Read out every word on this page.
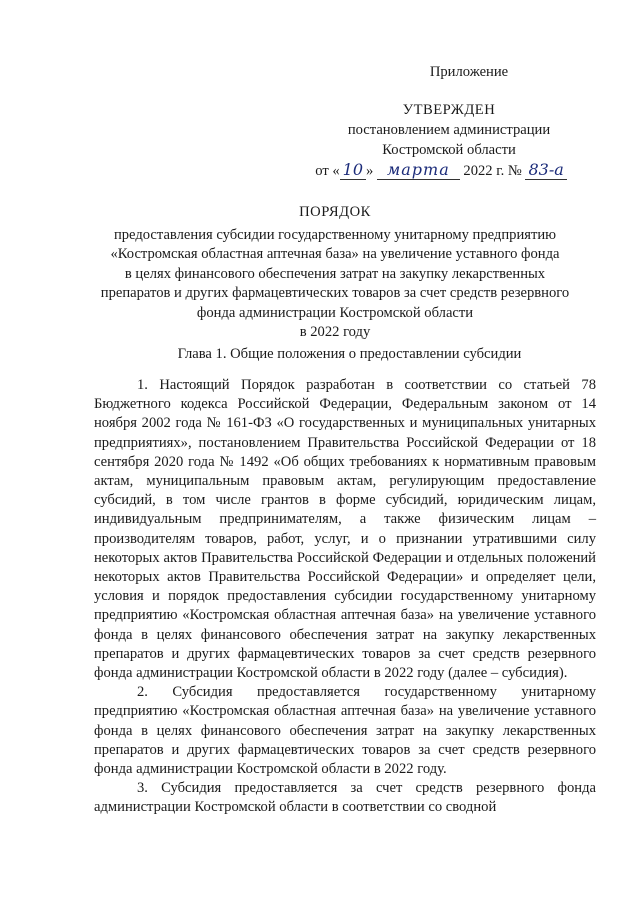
Приложение
УТВЕРЖДЕН
постановлением администрации
Костромской области
от « 10 » марта 2022 г. № 83-а
ПОРЯДОК
предоставления субсидии государственному унитарному предприятию
«Костромская областная аптечная база» на увеличение уставного фонда
в целях финансового обеспечения затрат на закупку лекарственных
препаратов и других фармацевтических товаров за счет средств резервного
фонда администрации Костромской области
в 2022 году
Глава 1. Общие положения о предоставлении субсидии

1. Настоящий Порядок разработан в соответствии со статьей 78 Бюджетного кодекса Российской Федерации, Федеральным законом от 14 ноября 2002 года № 161-ФЗ «О государственных и муниципальных унитарных предприятиях», постановлением Правительства Российской Федерации от 18 сентября 2020 года № 1492 «Об общих требованиях к нормативным правовым актам, муниципальным правовым актам, регулирующим предоставление субсидий, в том числе грантов в форме субсидий, юридическим лицам, индивидуальным предпринимателям, а также физическим лицам – производителям товаров, работ, услуг, и о признании утратившими силу некоторых актов Правительства Российской Федерации и отдельных положений некоторых актов Правительства Российской Федерации» и определяет цели, условия и порядок предоставления субсидии государственному унитарному предприятию «Костромская областная аптечная база» на увеличение уставного фонда в целях финансового обеспечения затрат на закупку лекарственных препаратов и других фармацевтических товаров за счет средств резервного фонда администрации Костромской области в 2022 году (далее – субсидия).

2. Субсидия предоставляется государственному унитарному предприятию «Костромская областная аптечная база» на увеличение уставного фонда в целях финансового обеспечения затрат на закупку лекарственных препаратов и других фармацевтических товаров за счет средств резервного фонда администрации Костромской области в 2022 году.

3. Субсидия предоставляется за счет средств резервного фонда администрации Костромской области в соответствии со сводной
